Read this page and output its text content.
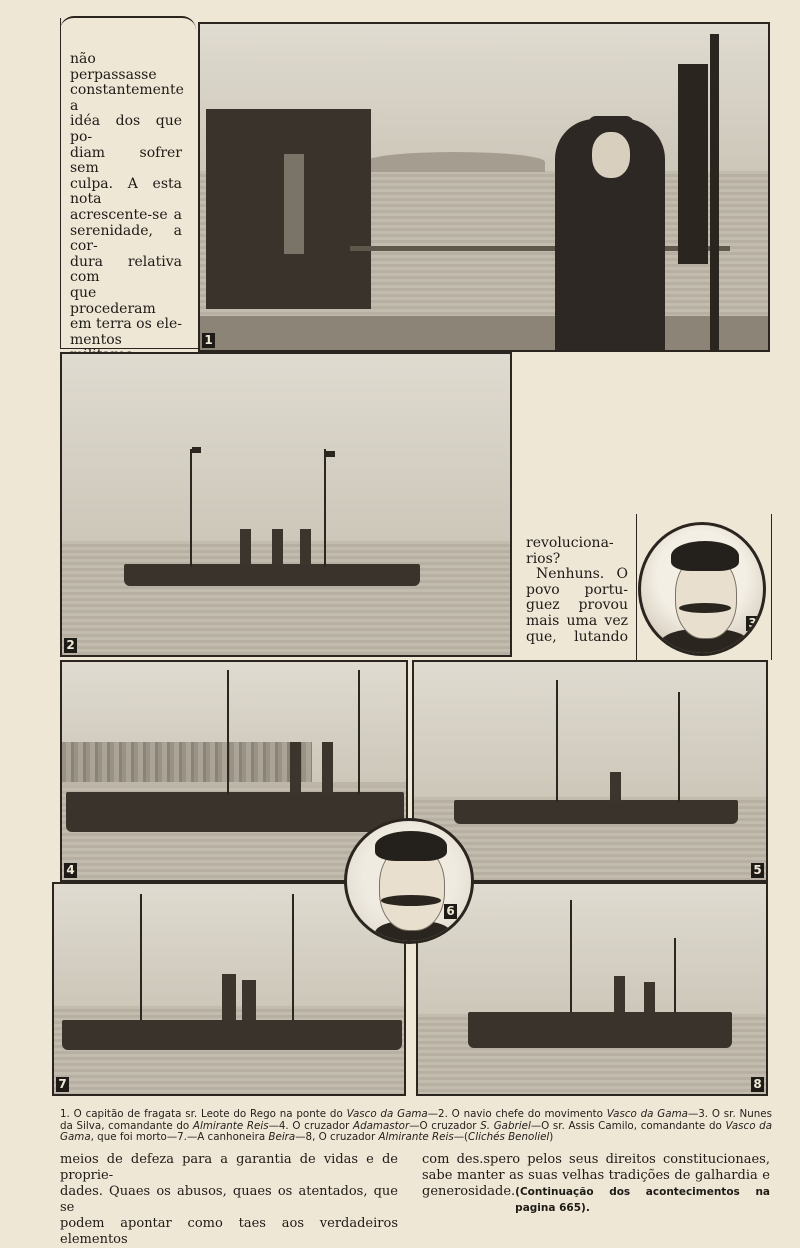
não perpassasse
constantemente a
idéa dos que po-
diam sofrer sem
culpa. A esta nota
acrescente-se a
serenidade, a cor-
dura relativa com
que procederam
em terra os ele-
mentos	1
2
revoluciona-
rios?
Nenhuns. O
povo portu-
guez provou
mais uma vez
que, lutando
3
4	5
7	8
6
1. O capitão de fragata sr. Leote do Rego na ponte do Vasco da Gama—2. O navio chefe do movimento Vasco da Gama—3. O sr. Nunes da Silva, comandante do Almirante Reis—4. O cruzador Adamastor—O cruzador S. Gabriel—O sr. Assis Camilo, comandante do Vasco da Gama, que foi morto—7.—A canhoneira Beira—8, O cruzador Almirante Reis—(Clichés Benoliel)
meios de defeza para a garantia de vidas e de proprie-
dades. Quaes os abusos, quaes os atentados, que se
podem apontar como taes aos verdadeiros elementos
com des.spero pelos seus direitos constitucionaes,
sabe manter as suas velhas tradições de galhardia e
generosidade. (Continuação dos acontecimentos na pagina 665).
